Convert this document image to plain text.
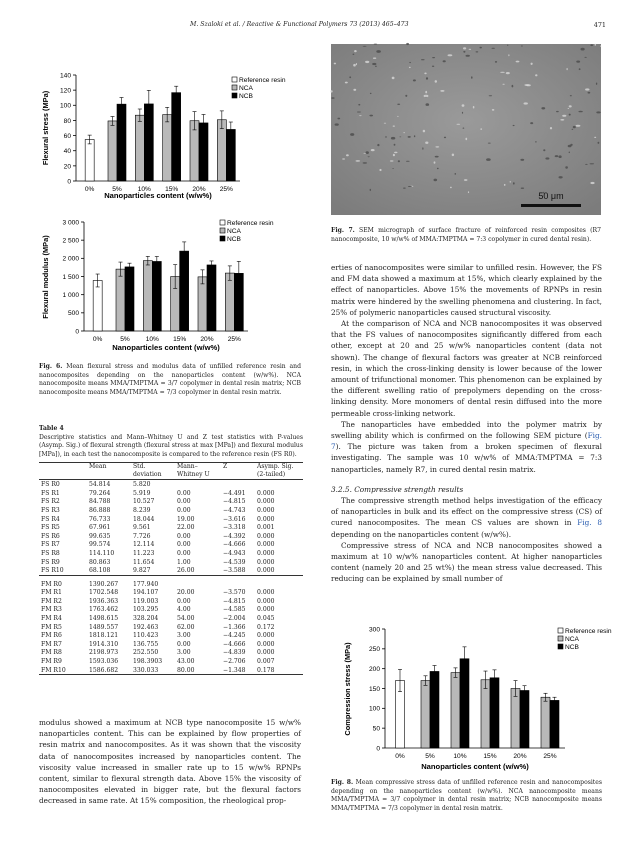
M. Szaloki et al. / Reactive & Functional Polymers 73 (2013) 465–473	471
0
20
40
60
80
100
120
140
0%	5% 10% 15% 20% 25%
Flexural stress (MPa)
Nanoparticles content (w/w%)
Reference resin
NCA
NCB
0
500
1 000
1 500
2 000
2 500
3 000
0%	5% 10% 15% 20% 25%
Flexural modulus (MPa)
Nanoparticles content (w/w%)
Reference resin
NCA
NCB
Fig. 6. Mean flexural stress and modulus data of unfilled reference resin and nanocomposites depending on the nanoparticles content (w/w%). NCA nanocomposite means MMA/TMPTMA = 3/7 copolymer in dental resin matrix; NCB nanocomposite means MMA/TMPTMA = 7/3 copolymer in dental resin matrix.
Table 4
Descriptive statistics and Mann–Whitney U and Z test statistics with P-values (Asymp. Sig.) of flexural strength (flexural stress at max [MPa]) and flexural modulus [MPa]), in each test the nanocomposite is compared to the reference resin (FS R0).
	Mean	Std. deviation	Mann–Whitney U	Z	Asymp. Sig. (2-tailed)
FS R0	54.814	5.820			
FS R1	79.264	5.919	0.00	−4.491	0.000
FS R2	84.788	10.527	0.00	−4.815	0.000
FS R3	86.888	8.239	0.00	−4.743	0.000
FS R4	76.733	18.044	19.00	−3.616	0.000
FS R5	67.961	9.561	22.00	−3.318	0.001
FS R6	99.635	7.726	0.00	−4.392	0.000
FS R7	99.574	12.114	0.00	−4.666	0.000
FS R8	114.110	11.223	0.00	−4.943	0.000
FS R9	80.863	11.654	1.00	−4.539	0.000
FS R10	68.108	9.827	26.00	−3.588	0.000
FM R0	1390.267	177.940			
FM R1	1702.548	194.107	20.00	−3.570	0.000
FM R2	1936.363	119.003	0.00	−4.815	0.000
FM R3	1763.462	103.295	4.00	−4.585	0.000
FM R4	1498.615	328.204	54.00	−2.004	0.045
FM R5	1489.557	192.463	62.00	−1.366	0.172
FM R6	1818.121	110.423	3.00	−4.245	0.000
FM R7	1914.310	136.755	0.00	−4.666	0.000
FM R8	2198.973	252.550	3.00	−4.839	0.000
FM R9	1593.036	198.3903	43.00	−2.706	0.007
FM R10	1586.682	330.033	80.00	−1.348	0.178

modulus showed a maximum at NCB type nanocomposite 15 w/w% nanoparticles content. This can be explained by flow properties of resin matrix and nanocomposites. As it was shown that the viscosity data of nanocomposites increased by nanoparticles content. The viscosity value increased in smaller rate up to 15 w/w% RPNPs content, similar to flexural strength data. Above 15% the viscosity of nanocomposites elevated in bigger rate, but the flexural factors decreased in same rate. At 15% composition, the rheological prop-

50 μm
Fig. 7. SEM micrograph of surface fracture of reinforced resin composites (R7 nanocomposite, 10 w/w% of MMA:TMPTMA = 7:3 copolymer in cured dental resin).

erties of nanocomposites were similar to unfilled resin. However, the FS and FM data showed a maximum at 15%, which clearly explained by the effect of nanoparticles. Above 15% the movements of RPNPs in resin matrix were hindered by the swelling phenomena and clustering. In fact, 25% of polymeric nanoparticles caused structural viscosity.

At the comparison of NCA and NCB nanocomposites it was observed that the FS values of nanocomposites significantly differed from each other, except at 20 and 25 w/w% nanoparticles content (data not shown). The change of flexural factors was greater at NCB reinforced resin, in which the cross-linking density is lower because of the lower amount of trifunctional monomer. This phenomenon can be explained by the different swelling ratio of prepolymers depending on the cross-linking density. More monomers of dental resin diffused into the more permeable cross-linking network.

The nanoparticles have embedded into the polymer matrix by swelling ability which is confirmed on the following SEM picture (Fig. 7). The picture was taken from a broken specimen of flexural investigating. The sample was 10 w/w% of MMA:TMPTMA = 7:3 nanoparticles, namely R7, in cured dental resin matrix.

3.2.5. Compressive strength results

The compressive strength method helps investigation of the efficacy of nanoparticles in bulk and its effect on the compressive stress (CS) of cured nanocomposites. The mean CS values are shown in Fig. 8 depending on the nanoparticles content (w/w%).

Compressive stress of NCA and NCB nanocomposites showed a maximum at 10 w/w% nanoparticles content. At higher nanoparticles content (namely 20 and 25 wt%) the mean stress value decreased. This reducing can be explained by small number of

0
50
100
150
200
250
300
0%	5%	10%	15%	20%	25%
Compression stress (MPa)
Nanoparticles content (w/w%)
Reference resin
NCA
NCB
Fig. 8. Mean compressive stress data of unfilled reference resin and nanocomposites depending on the nanoparticles content (w/w%). NCA nanocomposite means MMA/TMPTMA = 3/7 copolymer in dental resin matrix; NCB nanocomposite means MMA/TMPTMA = 7/3 copolymer in dental resin matrix.
